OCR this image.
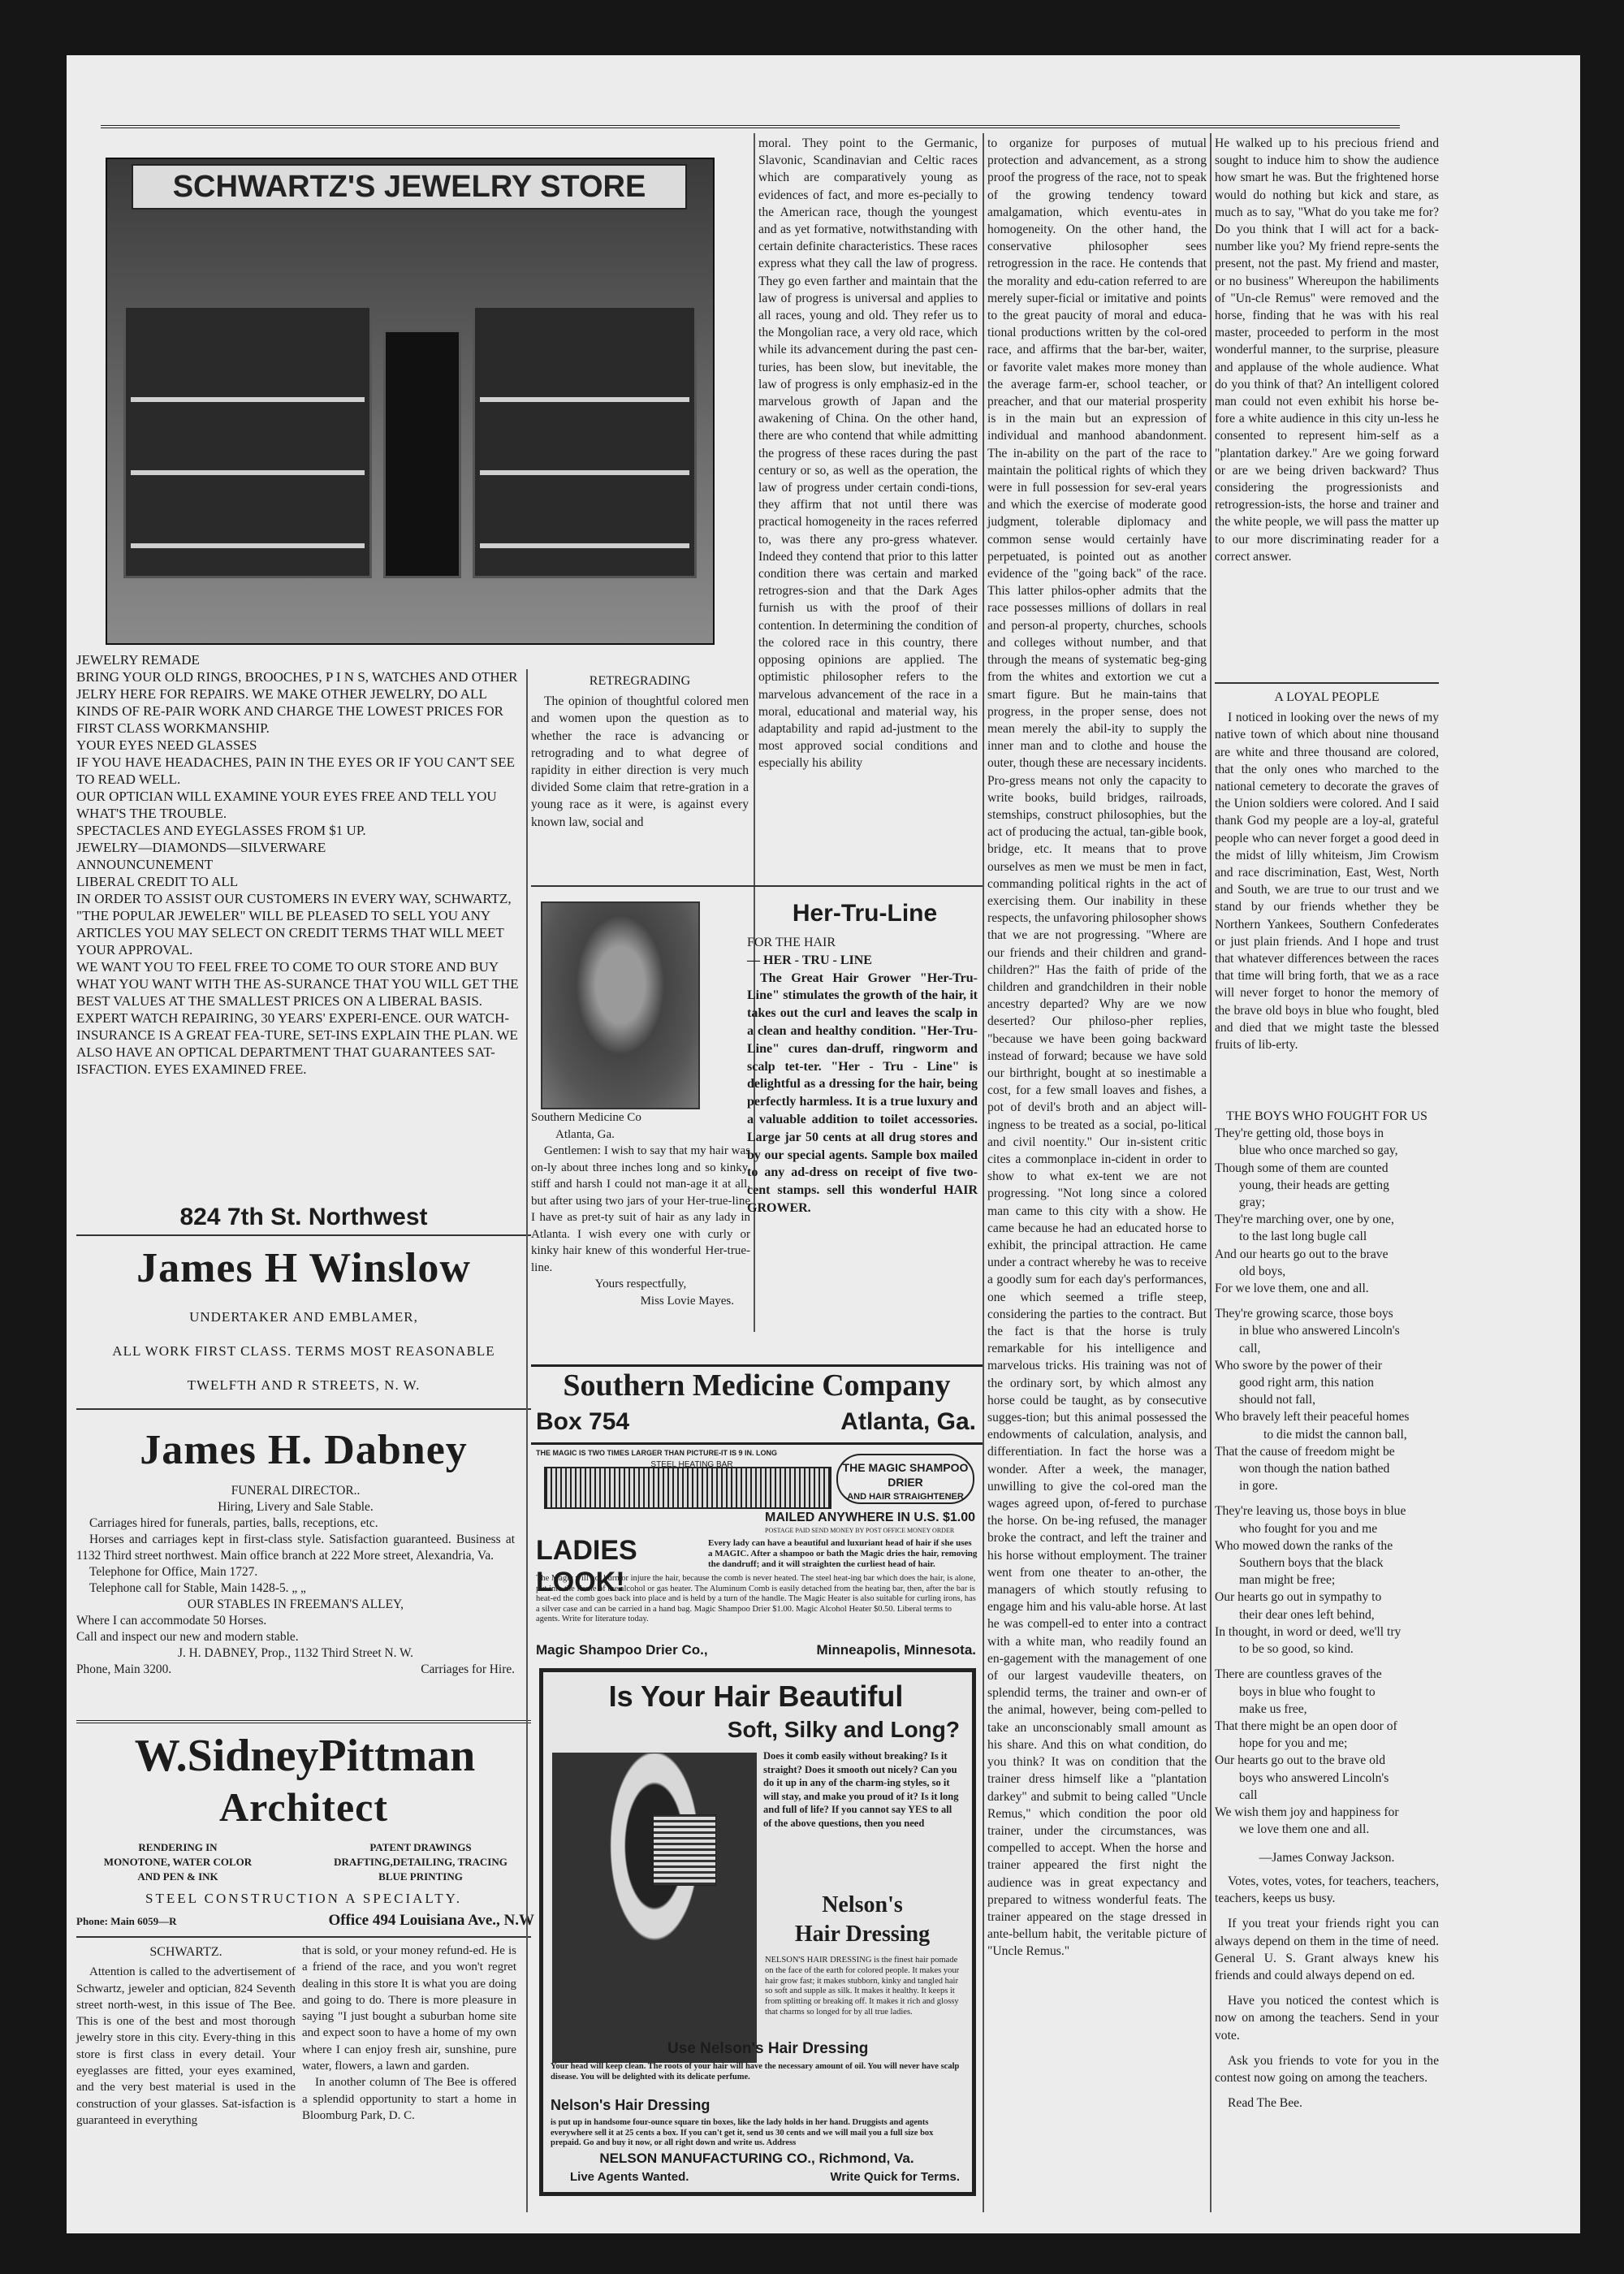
SCHWARTZ'S JEWELRY STORE
JEWELRY REMADE
BRING YOUR OLD RINGS, BROOCHES, P I N S, WATCHES AND OTHER JELRY HERE FOR REPAIRS. WE MAKE OTHER JEWELRY, DO ALL KINDS OF RE-PAIR WORK AND CHARGE THE LOWEST PRICES FOR FIRST CLASS WORKMANSHIP.
YOUR EYES NEED GLASSES
IF YOU HAVE HEADACHES, PAIN IN THE EYES OR IF YOU CAN'T SEE TO READ WELL.
OUR OPTICIAN WILL EXAMINE YOUR EYES FREE AND TELL YOU WHAT'S THE TROUBLE.
SPECTACLES AND EYEGLASSES FROM $1 UP.
JEWELRY—DIAMONDS—SILVERWARE
ANNOUNCUNEMENT
LIBERAL CREDIT TO ALL
IN ORDER TO ASSIST OUR CUSTOMERS IN EVERY WAY, SCHWARTZ, "THE POPULAR JEWELER" WILL BE PLEASED TO SELL YOU ANY ARTICLES YOU MAY SELECT ON CREDIT TERMS THAT WILL MEET YOUR APPROVAL.
WE WANT YOU TO FEEL FREE TO COME TO OUR STORE AND BUY WHAT YOU WANT WITH THE AS-SURANCE THAT YOU WILL GET THE BEST VALUES AT THE SMALLEST PRICES ON A LIBERAL BASIS.
EXPERT WATCH REPAIRING, 30 YEARS' EXPERI-ENCE. OUR WATCH-INSURANCE IS A GREAT FEA-TURE, SET-INS EXPLAIN THE PLAN. WE ALSO HAVE AN OPTICAL DEPARTMENT THAT GUARANTEES SAT-ISFACTION. EYES EXAMINED FREE.
824 7th St. Northwest
James H Winslow
UNDERTAKER AND EMBLAMER,
ALL WORK FIRST CLASS. TERMS MOST REASONABLE
TWELFTH AND R STREETS, N. W.
James H. Dabney
FUNERAL DIRECTOR..
Hiring, Livery and Sale Stable.

Carriages hired for funerals, parties, balls, receptions, etc.

Horses and carriages kept in first-class style. Satisfaction guaranteed. Business at 1132 Third street northwest. Main office branch at 222 More street, Alexandria, Va.

Telephone for Office, Main 1727.

Telephone call for Stable, Main 1428-5. „ „

OUR STABLES IN FREEMAN'S ALLEY,

Where I can accommodate 50 Horses.

Call and inspect our new and modern stable.

J. H. DABNEY, Prop., 1132 Third Street N. W.
Phone, Main 3200.	Carriages for Hire.
W.SidneyPittman
Architect
RENDERING IN
MONOTONE, WATER COLOR
AND PEN & INK
PATENT DRAWINGS
DRAFTING,DETAILING, TRACING
BLUE PRINTING
STEEL CONSTRUCTION A SPECIALTY.
Phone: Main 6059—R	Office 494 Louisiana Ave., N.W
SCHWARTZ.

Attention is called to the advertisement of Schwartz, jeweler and optician, 824 Seventh street north-west, in this issue of The Bee. This is one of the best and most thorough jewelry store in this city. Every-thing in this store is first class in every detail. Your eyeglasses are fitted, your eyes examined, and the very best material is used in the construction of your glasses. Sat-isfaction is guaranteed in everything

that is sold, or your money refund-ed. He is a friend of the race, and you won't regret dealing in this store It is what you are doing and going to do. There is more pleasure in saying "I just bought a suburban home site and expect soon to have a home of my own where I can enjoy fresh air, sunshine, pure water, flowers, a lawn and garden.

In another column of The Bee is offered a splendid opportunity to start a home in Bloomburg Park, D. C.

RETREGRADING

The opinion of thoughtful colored men and women upon the question as to whether the race is advancing or retrograding and to what degree of rapidity in either direction is very much divided Some claim that retre-gration in a young race as it were, is against every known law, social and

moral. They point to the Germanic, Slavonic, Scandinavian and Celtic races which are comparatively young as evidences of fact, and more es-pecially to the American race, though the youngest and as yet formative, notwithstanding with certain definite characteristics. These races express what they call the law of progress. They go even farther and maintain that the law of progress is universal and applies to all races, young and old. They refer us to the Mongolian race, a very old race, which while its advancement during the past cen-turies, has been slow, but inevitable, the law of progress is only emphasiz-ed in the marvelous growth of Japan and the awakening of China. On the other hand, there are who contend that while admitting the progress of these races during the past century or so, as well as the operation, the law of progress under certain condi-tions, they affirm that not until there was practical homogeneity in the races referred to, was there any pro-gress whatever. Indeed they contend that prior to this latter condition there was certain and marked retrogres-sion and that the Dark Ages furnish us with the proof of their contention. In determining the condition of the colored race in this country, there opposing opinions are applied. The optimistic philosopher refers to the marvelous advancement of the race in a moral, educational and material way, his adaptability and rapid ad-justment to the most approved social conditions and especially his ability

to organize for purposes of mutual protection and advancement, as a strong proof the progress of the race, not to speak of the growing tendency toward amalgamation, which eventu-ates in homogeneity. On the other hand, the conservative philosopher sees retrogression in the race. He contends that the morality and edu-cation referred to are merely super-ficial or imitative and points to the great paucity of moral and educa-tional productions written by the col-ored race, and affirms that the bar-ber, waiter, or favorite valet makes more money than the average farm-er, school teacher, or preacher, and that our material prosperity is in the main but an expression of individual and manhood abandonment. The in-ability on the part of the race to maintain the political rights of which they were in full possession for sev-eral years and which the exercise of moderate good judgment, tolerable diplomacy and common sense would certainly have perpetuated, is pointed out as another evidence of the "going back" of the race. This latter philos-opher admits that the race possesses millions of dollars in real and person-al property, churches, schools and colleges without number, and that through the means of systematic beg-ging from the whites and extortion we cut a smart figure. But he main-tains that progress, in the proper sense, does not mean merely the abil-ity to supply the inner man and to clothe and house the outer, though these are necessary incidents. Pro-gress means not only the capacity to write books, build bridges, railroads, stemships, construct philosophies, but the act of producing the actual, tan-gible book, bridge, etc. It means that to prove ourselves as men we must be men in fact, commanding political rights in the act of exercising them. Our inability in these respects, the unfavoring philosopher shows that we are not progressing. "Where are our friends and their children and grand-children?" Has the faith of pride of the children and grandchildren in their noble ancestry departed? Why are we now deserted? Our philoso-pher replies, "because we have been going backward instead of forward; because we have sold our birthright, bought at so inestimable a cost, for a few small loaves and fishes, a pot of devil's broth and an abject will-ingness to be treated as a social, po-litical and civil noentity." Our in-sistent critic cites a commonplace in-cident in order to show to what ex-tent we are not progressing. "Not long since a colored man came to this city with a show. He came because he had an educated horse to exhibit, the principal attraction. He came under a contract whereby he was to receive a goodly sum for each day's performances, one which seemed a trifle steep, considering the parties to the contract. But the fact is that the horse is truly remarkable for his intelligence and marvelous tricks. His training was not of the ordinary sort, by which almost any horse could be taught, as by consecutive sugges-tion; but this animal possessed the endowments of calculation, analysis, and differentiation. In fact the horse was a wonder. After a week, the manager, unwilling to give the col-ored man the wages agreed upon, of-fered to purchase the horse. On be-ing refused, the manager broke the contract, and left the trainer and his horse without employment. The trainer went from one theater to an-other, the managers of which stoutly refusing to engage him and his valu-able horse. At last he was compell-ed to enter into a contract with a white man, who readily found an en-gagement with the management of one of our largest vaudeville theaters, on splendid terms, the trainer and own-er of the animal, however, being com-pelled to take an unconscionably small amount as his share. And this on what condition, do you think? It was on condition that the trainer dress himself like a "plantation darkey" and submit to being called "Uncle Remus," which condition the poor old trainer, under the circumstances, was compelled to accept. When the horse and trainer appeared the first night the audience was in great expectancy and prepared to witness wonderful feats. The trainer appeared on the stage dressed in ante-bellum habit, the veritable picture of "Uncle Remus."

He walked up to his precious friend and sought to induce him to show the audience how smart he was. But the frightened horse would do nothing but kick and stare, as much as to say, "What do you take me for? Do you think that I will act for a back-number like you? My friend repre-sents the present, not the past. My friend and master, or no business" Whereupon the habiliments of "Un-cle Remus" were removed and the horse, finding that he was with his real master, proceeded to perform in the most wonderful manner, to the surprise, pleasure and applause of the whole audience. What do you think of that? An intelligent colored man could not even exhibit his horse be-fore a white audience in this city un-less he consented to represent him-self as a "plantation darkey." Are we going forward or are we being driven backward? Thus considering the progressionists and retrogression-ists, the horse and trainer and the white people, we will pass the matter up to our more discriminating reader for a correct answer.

Southern Medicine Co
Atlanta, Ga.

Gentlemen: I wish to say that my hair was on-ly about three inches long and so kinky, stiff and harsh I could not man-age it at all, but after using two jars of your Her-true-line I have as pret-ty suit of hair as any lady in Atlanta. I wish every one with curly or kinky hair knew of this wonderful Her-true-line.

Yours respectfully,
Miss Lovie Mayes.
Her-Tru-Line
FOR THE HAIR
— HER - TRU - LINE

The Great Hair Grower "Her-Tru-Line" stimulates the growth of the hair, it takes out the curl and leaves the scalp in a clean and healthy condition. "Her-Tru-Line" cures dan-druff, ringworm and scalp tet-ter. "Her - Tru - Line" is delightful as a dressing for the hair, being perfectly harmless. It is a true luxury and a valuable addition to toilet accessories. Large jar 50 cents at all drug stores and by our special agents. Sample box mailed to any ad-dress on receipt of five two-cent stamps. sell this wonderful HAIR GROWER.

Southern Medicine Company
Box 754	Atlanta, Ga.
THE MAGIC IS TWO TIMES LARGER THAN PICTURE-IT IS 9 IN. LONG
STEEL HEATING BAR	THE MAGIC SHAMPOO DRIER
AND HAIR STRAIGHTENER
MAILED ANYWHERE IN U.S. $1.00
POSTAGE PAID SEND MONEY BY POST OFFICE MONEY ORDER
LADIES LOOK!
Every lady can have a beautiful and luxuriant head of hair if she uses a MAGIC. After a shampoo or bath the Magic dries the hair, removing the dandruff; and it will straighten the curliest head of hair.
The Magic will not burn or injure the hair, because the comb is never heated. The steel heat-ing bar which does the hair, is alone, put into the flame of the alcohol or gas heater. The Aluminum Comb is easily detached from the heating bar, then, after the bar is heat-ed the comb goes back into place and is held by a turn of the handle. The Magic Heater is also suitable for curling irons, has a silver case and can be carried in a hand bag. Magic Shampoo Drier $1.00. Magic Alcohol Heater $0.50. Liberal terms to agents. Write for literature today.
Magic Shampoo Drier Co.,	Minneapolis, Minnesota.
Is Your Hair Beautiful
Soft, Silky and Long?
Does it comb easily without breaking? Is it straight? Does it smooth out nicely? Can you do it up in any of the charm-ing styles, so it will stay, and make you proud of it? Is it long and full of life? If you cannot say YES to all of the above questions, then you need
Nelson's
Hair Dressing
NELSON'S HAIR DRESSING is the finest hair pomade on the face of the earth for colored people. It makes your hair grow fast; it makes stubborn, kinky and tangled hair so soft and supple as silk. It makes it healthy. It keeps it from splitting or breaking off. It makes it rich and glossy that charms so longed for by all true ladies.
Use Nelson's Hair Dressing
Your head will keep clean. The roots of your hair will have the necessary amount of oil. You will never have scalp disease. You will be delighted with its delicate perfume.
Nelson's Hair Dressing
is put up in handsome four-ounce square tin boxes, like the lady holds in her hand. Druggists and agents everywhere sell it at 25 cents a box. If you can't get it, send us 30 cents and we will mail you a full size box prepaid. Go and buy it now, or all right down and write us. Address
NELSON MANUFACTURING CO., Richmond, Va.
Live Agents Wanted.	Write Quick for Terms.
A LOYAL PEOPLE

I noticed in looking over the news of my native town of which about nine thousand are white and three thousand are colored, that the only ones who marched to the national cemetery to decorate the graves of the Union soldiers were colored. And I said thank God my people are a loy-al, grateful people who can never forget a good deed in the midst of lilly whiteism, Jim Crowism and race discrimination, East, West, North and South, we are true to our trust and we stand by our friends whether they be Northern Yankees, Southern Confederates or just plain friends. And I hope and trust that whatever differences between the races that time will bring forth, that we as a race will never forget to honor the memory of the brave old boys in blue who fought, bled and died that we might taste the blessed fruits of lib-erty.

THE BOYS WHO FOUGHT FOR US
They're getting old, those boys in
blue who once marched so gay,
Though some of them are counted
young, their heads are getting
gray;
They're marching over, one by one,
to the last long bugle call
And our hearts go out to the brave
old boys,
For we love them, one and all.

They're growing scarce, those boys
in blue who answered Lincoln's
call,
Who swore by the power of their
good right arm, this nation
should not fall,
Who bravely left their peaceful homes
to die midst the cannon ball,
That the cause of freedom might be
won though the nation bathed
in gore.

They're leaving us, those boys in blue
who fought for you and me
Who mowed down the ranks of the
Southern boys that the black
man might be free;
Our hearts go out in sympathy to
their dear ones left behind,
In thought, in word or deed, we'll try
to be so good, so kind.

There are countless graves of the
boys in blue who fought to
make us free,
That there might be an open door of
hope for you and me;
Our hearts go out to the brave old
boys who answered Lincoln's
call
We wish them joy and happiness for
we love them one and all.
—James Conway Jackson.

Votes, votes, votes, for teachers, teachers, teachers, keeps us busy.

If you treat your friends right you can always depend on them in the time of need. General U. S. Grant always knew his friends and could always depend on ed.

Have you noticed the contest which is now on among the teachers. Send in your vote.

Ask you friends to vote for you in the contest now going on among the teachers.

Read The Bee.
